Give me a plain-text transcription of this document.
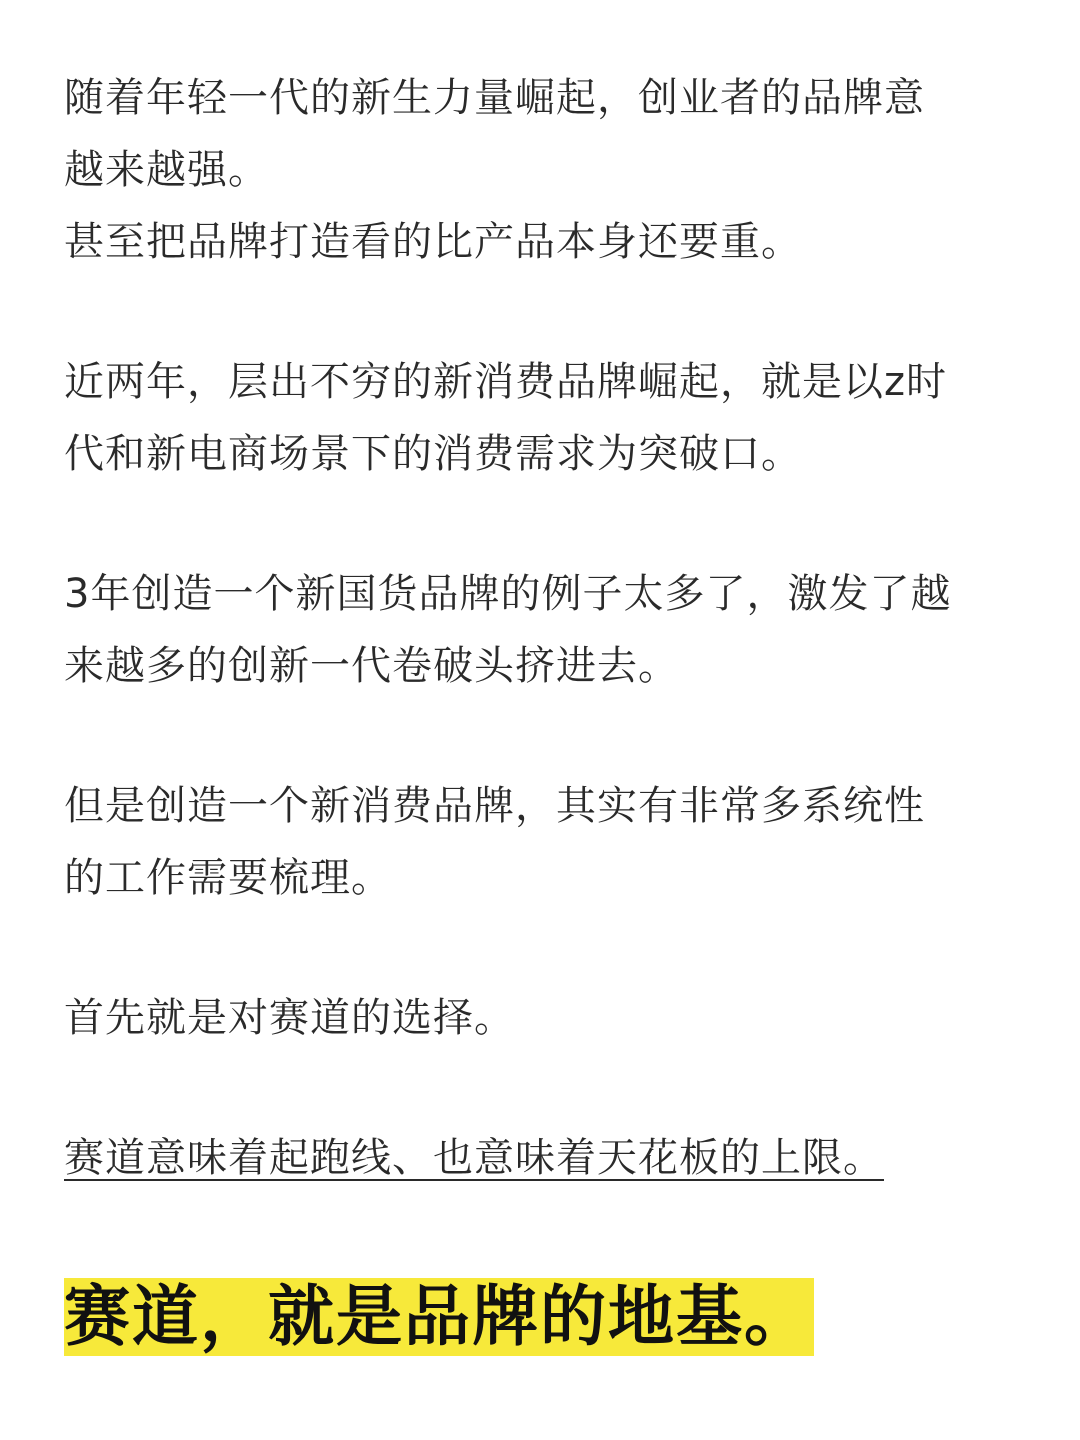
随着年轻一代的新生力量崛起，创业者的品牌意
越来越强。
甚至把品牌打造看的比产品本身还要重。

近两年，层出不穷的新消费品牌崛起，就是以z时
代和新电商场景下的消费需求为突破口。

3年创造一个新国货品牌的例子太多了，激发了越
来越多的创新一代卷破头挤进去。

但是创造一个新消费品牌，其实有非常多系统性
的工作需要梳理。

首先就是对赛道的选择。

赛道意味着起跑线、也意味着天花板的上限。

赛道，就是品牌的地基。
